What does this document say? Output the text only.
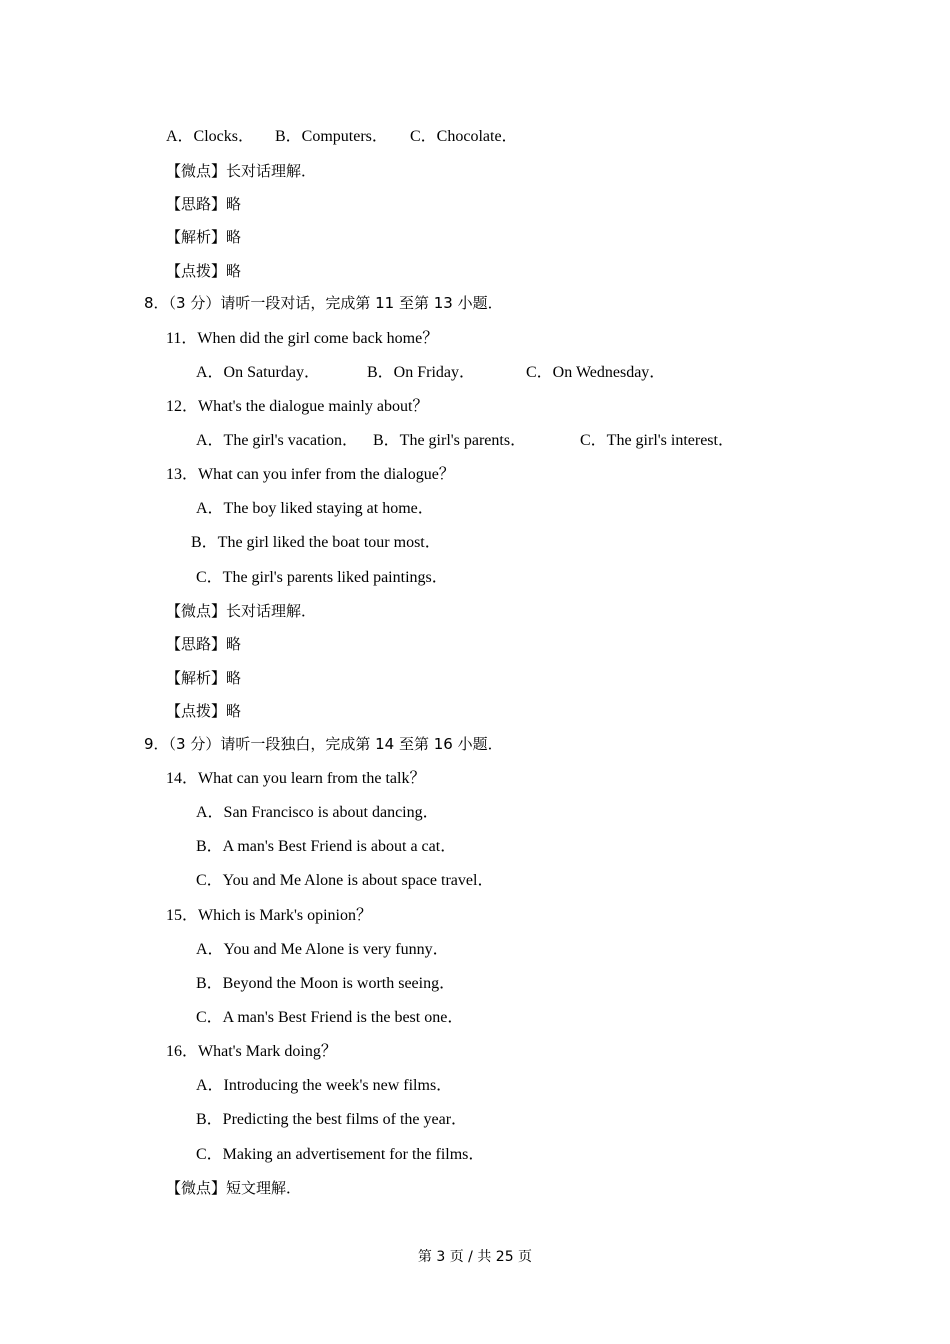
A．Clocks． B．Computers． C．Chocolate．
【微点】长对话理解．
【思路】略
【解析】略
【点拨】略
8．（3 分）请听一段对话，完成第 11 至第 13 小题．
11．When did the girl come back home？
A．On Saturday．	B．On Friday．	C．On Wednesday．
12．What's the dialogue mainly about？
A．The girl's vacation． B．The girl's parents．	C．The girl's interest．
13．What can you infer from the dialogue？
A．The boy liked staying at home．
B．The girl liked the boat tour most．
C．The girl's parents liked paintings．
【微点】长对话理解．
【思路】略
【解析】略
【点拨】略
9．（3 分）请听一段独白，完成第 14 至第 16 小题．
14．What can you learn from the talk？
A．San Francisco is about dancing．
B．A man's Best Friend is about a cat．
C．You and Me Alone is about space travel．
15．Which is Mark's opinion？
A．You and Me Alone is very funny．
B．Beyond the Moon is worth seeing．
C．A man's Best Friend is the best one．
16．What's Mark doing？
A．Introducing the week's new films．
B．Predicting the best films of the year．
C．Making an advertisement for the films．
【微点】短文理解．
第 3 页 / 共 25 页
